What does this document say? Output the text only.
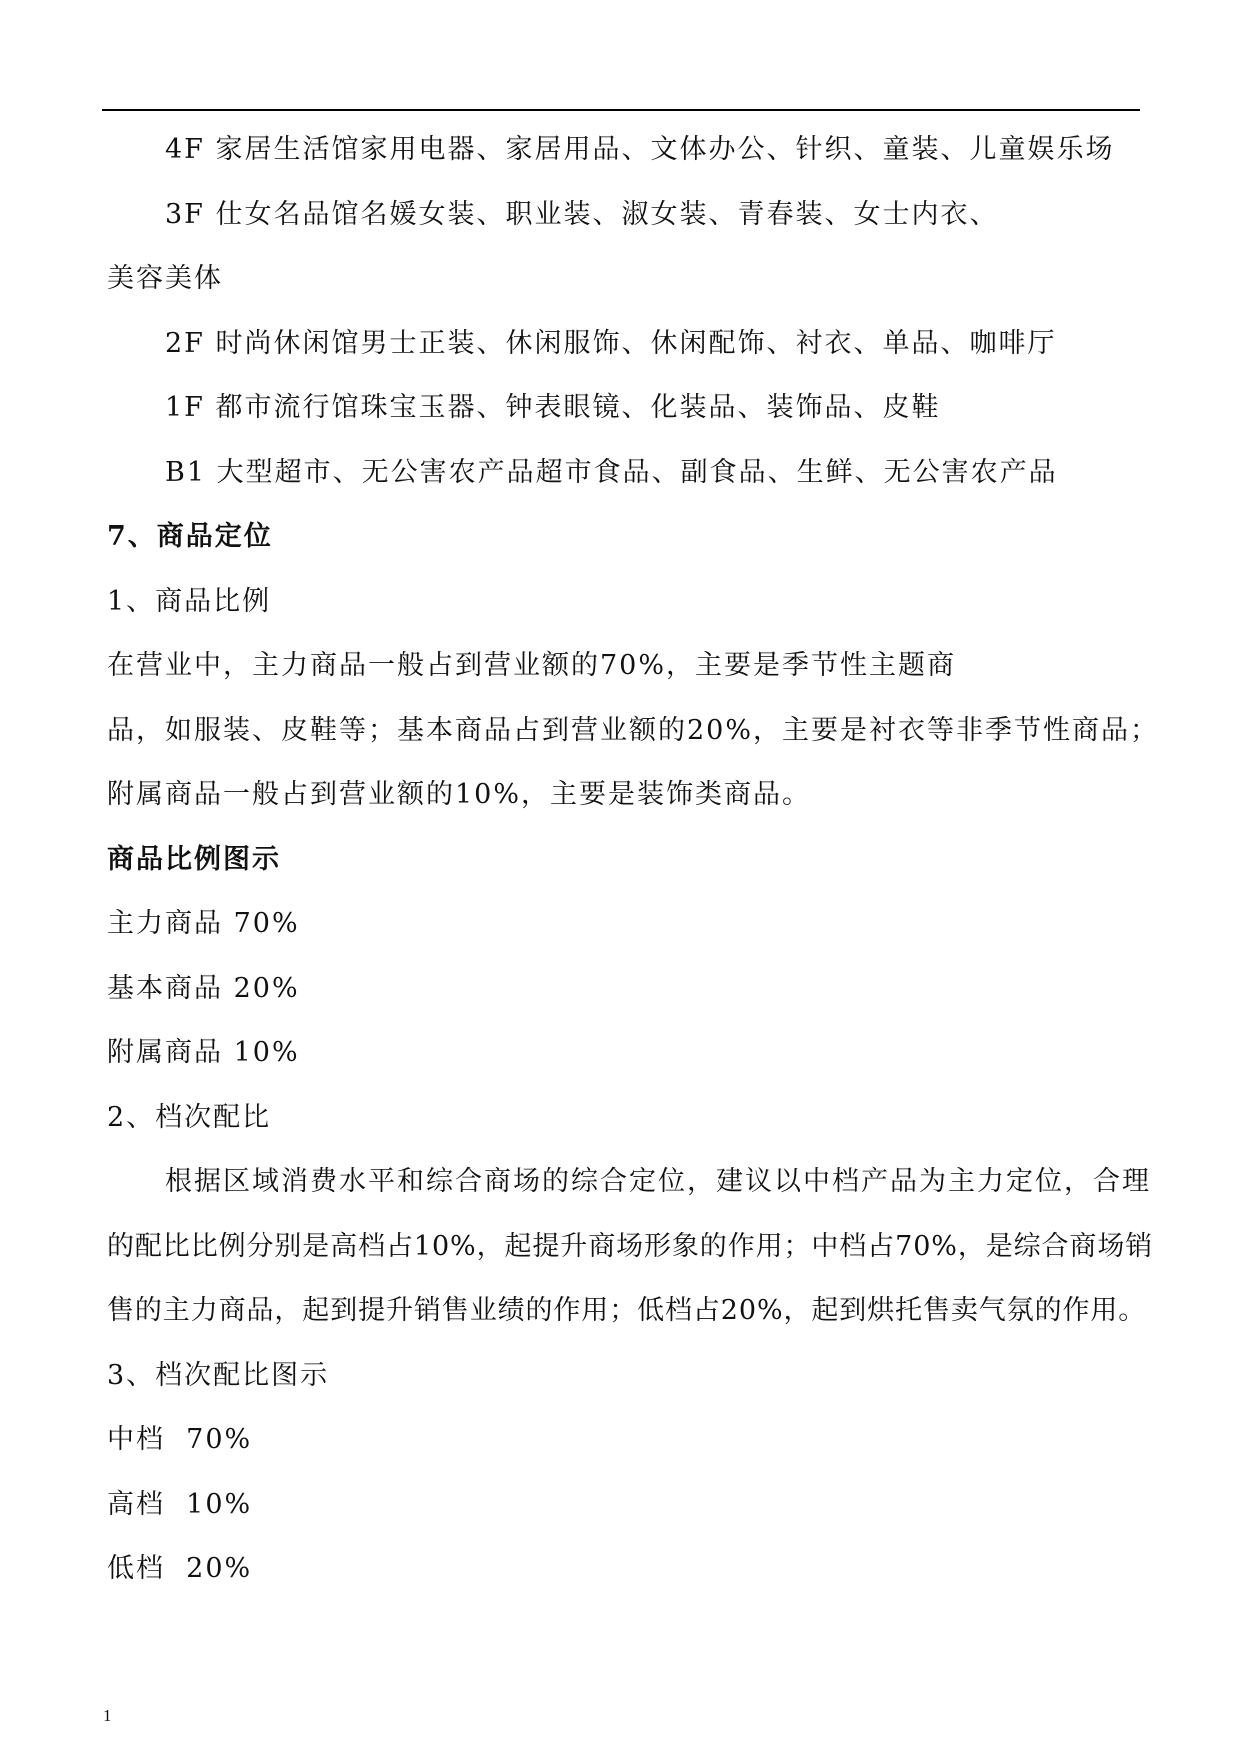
4F 家居生活馆家用电器、家居用品、文体办公、针织、童装、儿童娱乐场
3F 仕女名品馆名媛女装、职业装、淑女装、青春装、女士内衣、
美容美体
2F 时尚休闲馆男士正装、休闲服饰、休闲配饰、衬衣、单品、咖啡厅
1F 都市流行馆珠宝玉器、钟表眼镜、化装品、装饰品、皮鞋
B1 大型超市、无公害农产品超市食品、副食品、生鲜、无公害农产品
7、商品定位
1、商品比例
在营业中，主力商品一般占到营业额的70%，主要是季节性主题商
品，如服装、皮鞋等；基本商品占到营业额的20%，主要是衬衣等非季节性商品；
附属商品一般占到营业额的10%，主要是装饰类商品。
商品比例图示
主力商品 70%
基本商品 20%
附属商品 10%
2、档次配比
根据区域消费水平和综合商场的综合定位，建议以中档产品为主力定位，合理
的配比比例分别是高档占10%，起提升商场形象的作用；中档占70%，是综合商场销
售的主力商品，起到提升销售业绩的作用；低档占20%，起到烘托售卖气氛的作用。
3、档次配比图示
中档  70%
高档  10%
低档  20%
1
